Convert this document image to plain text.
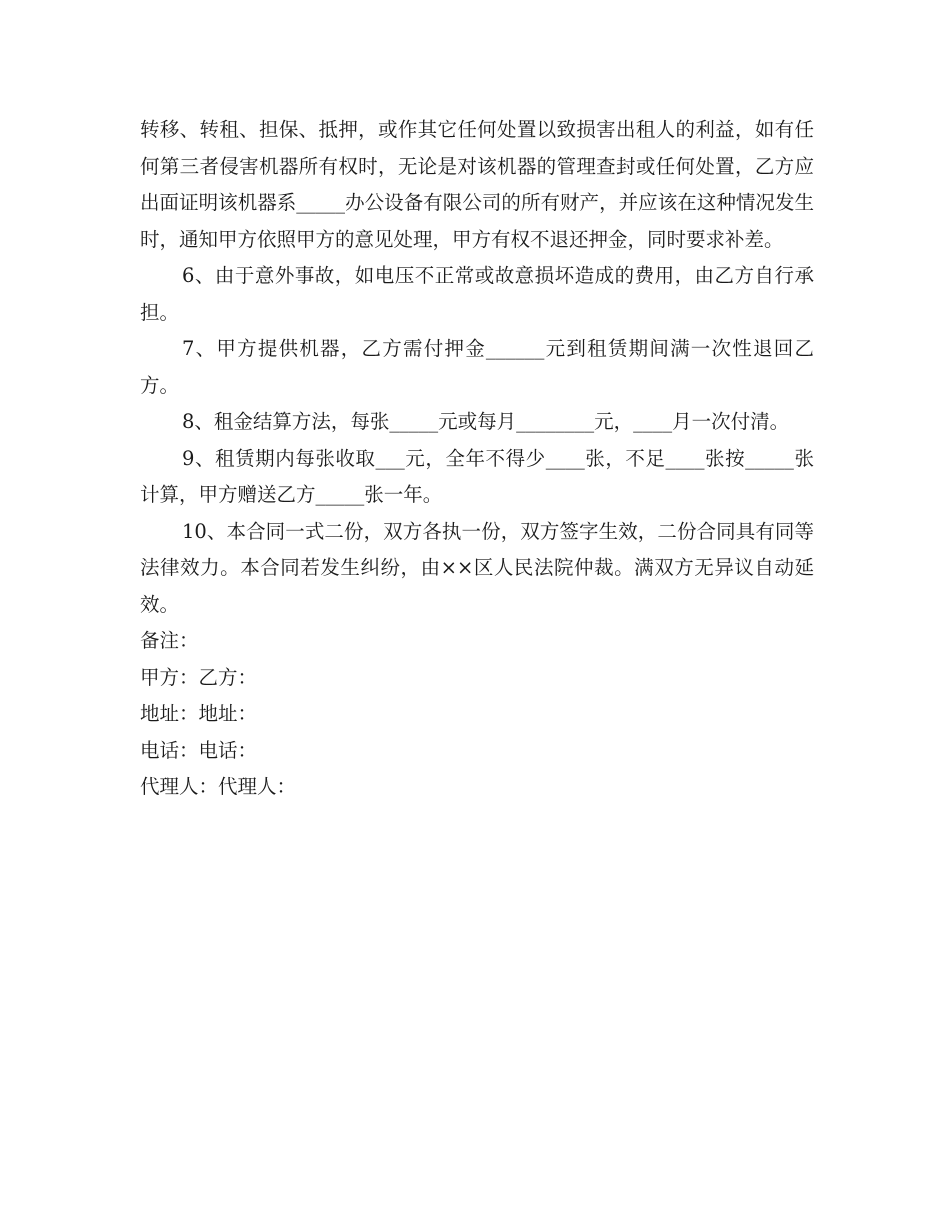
转移、转租、担保、抵押，或作其它任何处置以致损害出租人的利益，如有任何第三者侵害机器所有权时，无论是对该机器的管理查封或任何处置，乙方应出面证明该机器系_____办公设备有限公司的所有财产，并应该在这种情况发生时，通知甲方依照甲方的意见处理，甲方有权不退还押金，同时要求补差。

6、由于意外事故，如电压不正常或故意损坏造成的费用，由乙方自行承担。

7、甲方提供机器，乙方需付押金______元到租赁期间满一次性退回乙方。

8、租金结算方法，每张_____元或每月________元，____月一次付清。

9、租赁期内每张收取___元，全年不得少____张，不足____张按_____张计算，甲方赠送乙方_____张一年。

10、本合同一式二份，双方各执一份，双方签字生效，二份合同具有同等法律效力。本合同若发生纠纷，由××区人民法院仲裁。满双方无异议自动延效。

备注：

甲方：乙方：

地址：地址：

电话：电话：

代理人：代理人：
